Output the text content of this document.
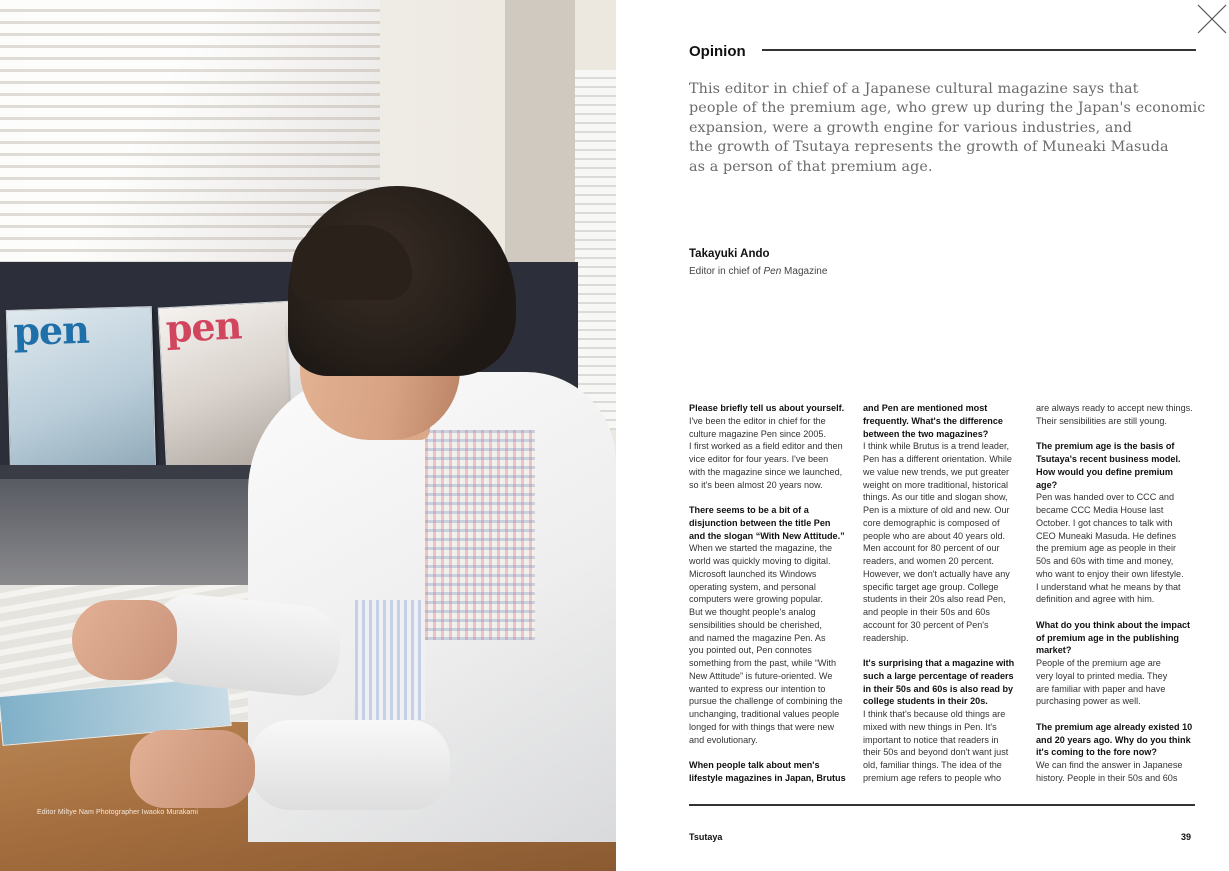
pen pen
Editor Miltye Nam Photographer Iwaoko Murakami
Opinion
This editor in chief of a Japanese cultural magazine says that
people of the premium age, who grew up during the Japan's economic
expansion, were a growth engine for various industries, and
the growth of Tsutaya represents the growth of Muneaki Masuda
as a person of that premium age.
Takayuki Ando
Editor in chief of Pen Magazine

Please briefly tell us about yourself.

I've been the editor in chief for the

culture magazine Pen since 2005.

I first worked as a field editor and then

vice editor for four years. I've been

with the magazine since we launched,

so it's been almost 20 years now.

There seems to be a bit of a

disjunction between the title Pen

and the slogan “With New Attitude.”

When we started the magazine, the

world was quickly moving to digital.

Microsoft launched its Windows

operating system, and personal

computers were growing popular.

But we thought people's analog

sensibilities should be cherished,

and named the magazine Pen. As

you pointed out, Pen connotes

something from the past, while “With

New Attitude” is future-oriented. We

wanted to express our intention to

pursue the challenge of combining the

unchanging, traditional values people

longed for with things that were new

and evolutionary.

When people talk about men's

lifestyle magazines in Japan, Brutus

and Pen are mentioned most

frequently. What's the difference

between the two magazines?

I think while Brutus is a trend leader,

Pen has a different orientation. While

we value new trends, we put greater

weight on more traditional, historical

things. As our title and slogan show,

Pen is a mixture of old and new. Our

core demographic is composed of

people who are about 40 years old.

Men account for 80 percent of our

readers, and women 20 percent.

However, we don't actually have any

specific target age group. College

students in their 20s also read Pen,

and people in their 50s and 60s

account for 30 percent of Pen's

readership.

It's surprising that a magazine with

such a large percentage of readers

in their 50s and 60s is also read by

college students in their 20s.

I think that's because old things are

mixed with new things in Pen. It's

important to notice that readers in

their 50s and beyond don't want just

old, familiar things. The idea of the

premium age refers to people who

are always ready to accept new things.

Their sensibilities are still young.

The premium age is the basis of

Tsutaya's recent business model.

How would you define premium

age?

Pen was handed over to CCC and

became CCC Media House last

October. I got chances to talk with

CEO Muneaki Masuda. He defines

the premium age as people in their

50s and 60s with time and money,

who want to enjoy their own lifestyle.

I understand what he means by that

definition and agree with him.

What do you think about the impact

of premium age in the publishing

market?

People of the premium age are

very loyal to printed media. They

are familiar with paper and have

purchasing power as well.

The premium age already existed 10

and 20 years ago. Why do you think

it's coming to the fore now?

We can find the answer in Japanese

history. People in their 50s and 60s

Tsutaya	39
